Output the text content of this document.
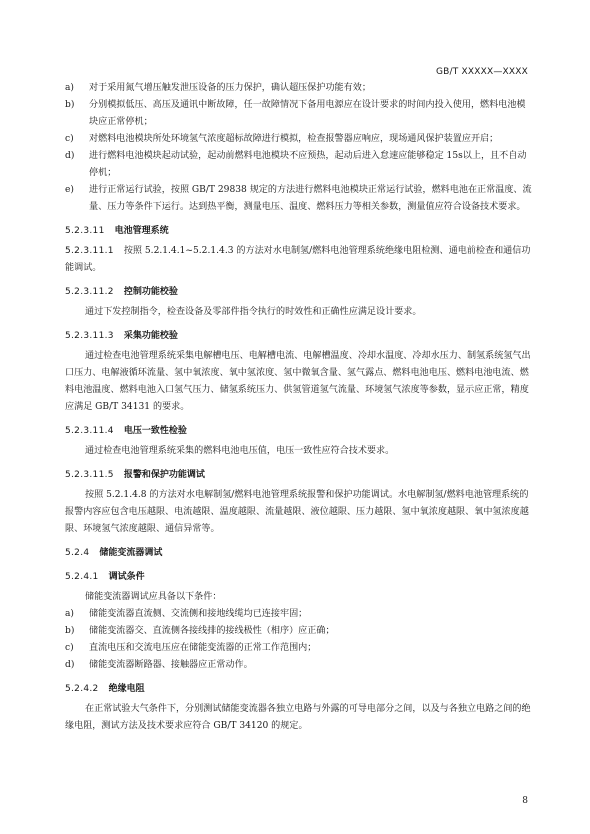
GB/T XXXXX—XXXX
a) 对于采用氮气增压触发泄压设备的压力保护，确认超压保护功能有效；
b) 分别模拟低压、高压及通讯中断故障，任一故障情况下备用电源应在设计要求的时间内投入使用，燃料电池模块应正常停机；
c) 对燃料电池模块所处环境氢气浓度超标故障进行模拟，检查报警器应响应，现场通风保护装置应开启；
d) 进行燃料电池模块起动试验，起动前燃料电池模块不应预热，起动后进入怠速应能够稳定 15s以上，且不自动停机；
e) 进行正常运行试验，按照 GB/T 29838 规定的方法进行燃料电池模块正常运行试验，燃料电池在正常温度、流量、压力等条件下运行。达到热平衡，测量电压、温度、燃料压力等相关参数，测量值应符合设备技术要求。
5.2.3.11 电池管理系统
5.2.3.11.1 按照 5.2.1.4.1~5.2.1.4.3 的方法对水电制氢/燃料电池管理系统绝缘电阻检测、通电前检查和通信功能调试。
5.2.3.11.2 控制功能校验

通过下发控制指令，检查设备及零部件指令执行的时效性和正确性应满足设计要求。

5.2.3.11.3 采集功能校验

通过检查电池管理系统采集电解槽电压、电解槽电流、电解槽温度、冷却水温度、冷却水压力、制氢系统氢气出口压力、电解液循环流量、氢中氧浓度、氧中氢浓度、氢中微氧含量、氢气露点、燃料电池电压、燃料电池电流、燃料电池温度、燃料电池入口氢气压力、储氢系统压力、供氢管道氢气流量、环境氢气浓度等参数，显示应正常，精度应满足 GB/T 34131 的要求。

5.2.3.11.4 电压一致性检验

通过检查电池管理系统采集的燃料电池电压值，电压一致性应符合技术要求。

5.2.3.11.5 报警和保护功能调试

按照 5.2.1.4.8 的方法对水电解制氢/燃料电池管理系统报警和保护功能调试。水电解制氢/燃料电池管理系统的报警内容应包含电压越限、电流越限、温度越限、流量越限、液位越限、压力越限、氢中氧浓度越限、氧中氢浓度越限、环境氢气浓度越限、通信异常等。

5.2.4 储能变流器调试
5.2.4.1 调试条件

储能变流器调试应具备以下条件：

a) 储能变流器直流侧、交流侧和接地线缆均已连接牢固；
b) 储能变流器交、直流侧各接线排的接线极性（相序）应正确；
c) 直流电压和交流电压应在储能变流器的正常工作范围内；
d) 储能变流器断路器、接触器应正常动作。
5.2.4.2 绝缘电阻

在正常试验大气条件下，分别测试储能变流器各独立电路与外露的可导电部分之间，以及与各独立电路之间的绝缘电阻，测试方法及技术要求应符合 GB/T 34120 的规定。

8
